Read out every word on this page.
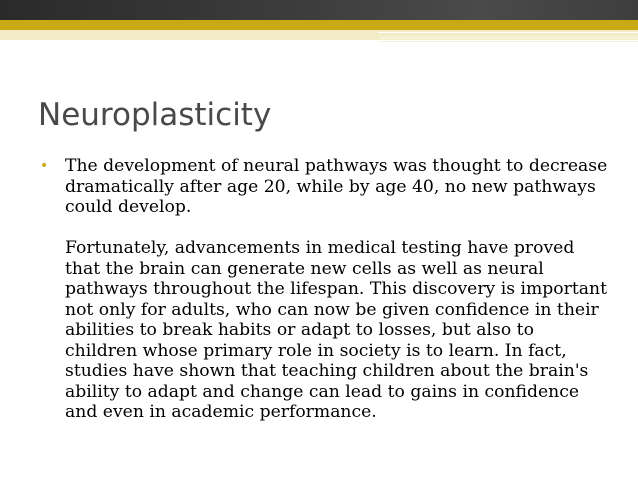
Neuroplasticity
• The development of neural pathways was thought to decrease dramatically after age 20, while by age 40, no new pathways could develop.

Fortunately, advancements in medical testing have proved that the brain can generate new cells as well as neural pathways throughout the lifespan. This discovery is important not only for adults, who can now be given confidence in their abilities to break habits or adapt to losses, but also to children whose primary role in society is to learn. In fact, studies have shown that teaching children about the brain's ability to adapt and change can lead to gains in confidence and even in academic performance.
